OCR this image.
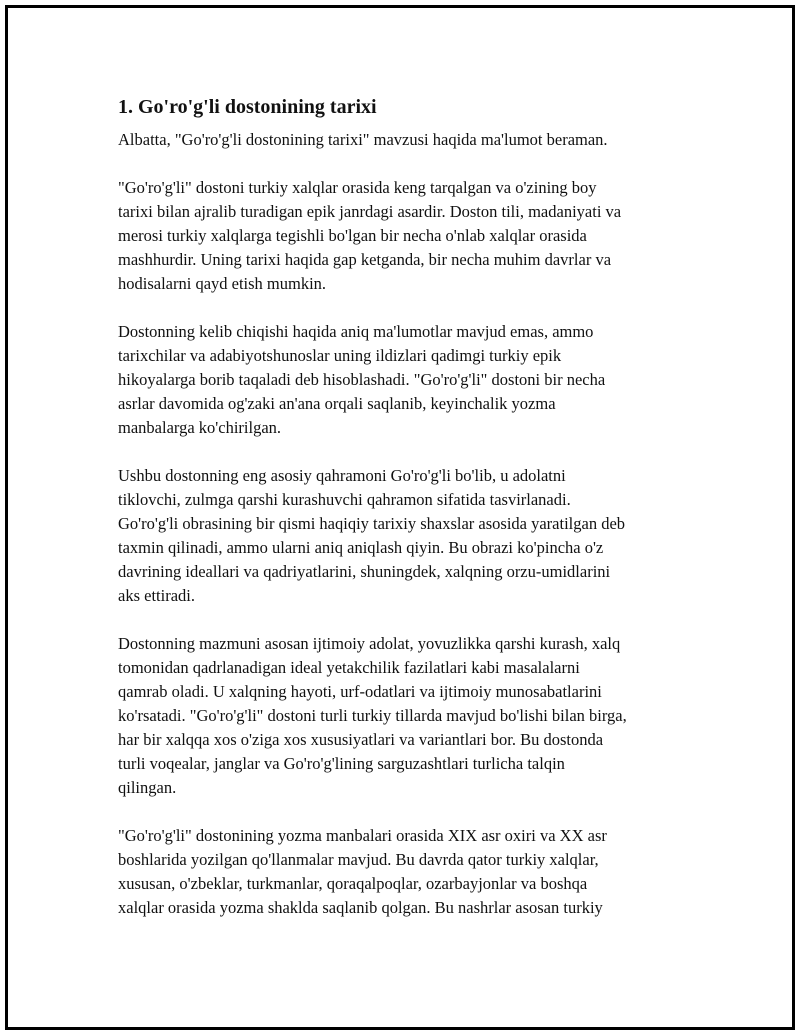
1. Go'ro'g'li dostonining tarixi

Albatta, "Go'ro'g'li dostonining tarixi" mavzusi haqida ma'lumot beraman.

"Go'ro'g'li" dostoni turkiy xalqlar orasida keng tarqalgan va o'zining boy
tarixi bilan ajralib turadigan epik janrdagi asardir. Doston tili, madaniyati va
merosi turkiy xalqlarga tegishli bo'lgan bir necha o'nlab xalqlar orasida
mashhurdir. Uning tarixi haqida gap ketganda, bir necha muhim davrlar va
hodisalarni qayd etish mumkin.

Dostonning kelib chiqishi haqida aniq ma'lumotlar mavjud emas, ammo
tarixchilar va adabiyotshunoslar uning ildizlari qadimgi turkiy epik
hikoyalarga borib taqaladi deb hisoblashadi. "Go'ro'g'li" dostoni bir necha
asrlar davomida og'zaki an'ana orqali saqlanib, keyinchalik yozma
manbalarga ko'chirilgan.

Ushbu dostonning eng asosiy qahramoni Go'ro'g'li bo'lib, u adolatni
tiklovchi, zulmga qarshi kurashuvchi qahramon sifatida tasvirlanadi.
Go'ro'g'li obrasining bir qismi haqiqiy tarixiy shaxslar asosida yaratilgan deb
taxmin qilinadi, ammo ularni aniq aniqlash qiyin. Bu obrazi ko'pincha o'z
davrining ideallari va qadriyatlarini, shuningdek, xalqning orzu-umidlarini
aks ettiradi.

Dostonning mazmuni asosan ijtimoiy adolat, yovuzlikka qarshi kurash, xalq
tomonidan qadrlanadigan ideal yetakchilik fazilatlari kabi masalalarni
qamrab oladi. U xalqning hayoti, urf-odatlari va ijtimoiy munosabatlarini
ko'rsatadi. "Go'ro'g'li" dostoni turli turkiy tillarda mavjud bo'lishi bilan birga,
har bir xalqqa xos o'ziga xos xususiyatlari va variantlari bor. Bu dostonda
turli voqealar, janglar va Go'ro'g'lining sarguzashtlari turlicha talqin
qilingan.

"Go'ro'g'li" dostonining yozma manbalari orasida XIX asr oxiri va XX asr
boshlarida yozilgan qo'llanmalar mavjud. Bu davrda qator turkiy xalqlar,
xususan, o'zbeklar, turkmanlar, qoraqalpoqlar, ozarbayjonlar va boshqa
xalqlar orasida yozma shaklda saqlanib qolgan. Bu nashrlar asosan turkiy
